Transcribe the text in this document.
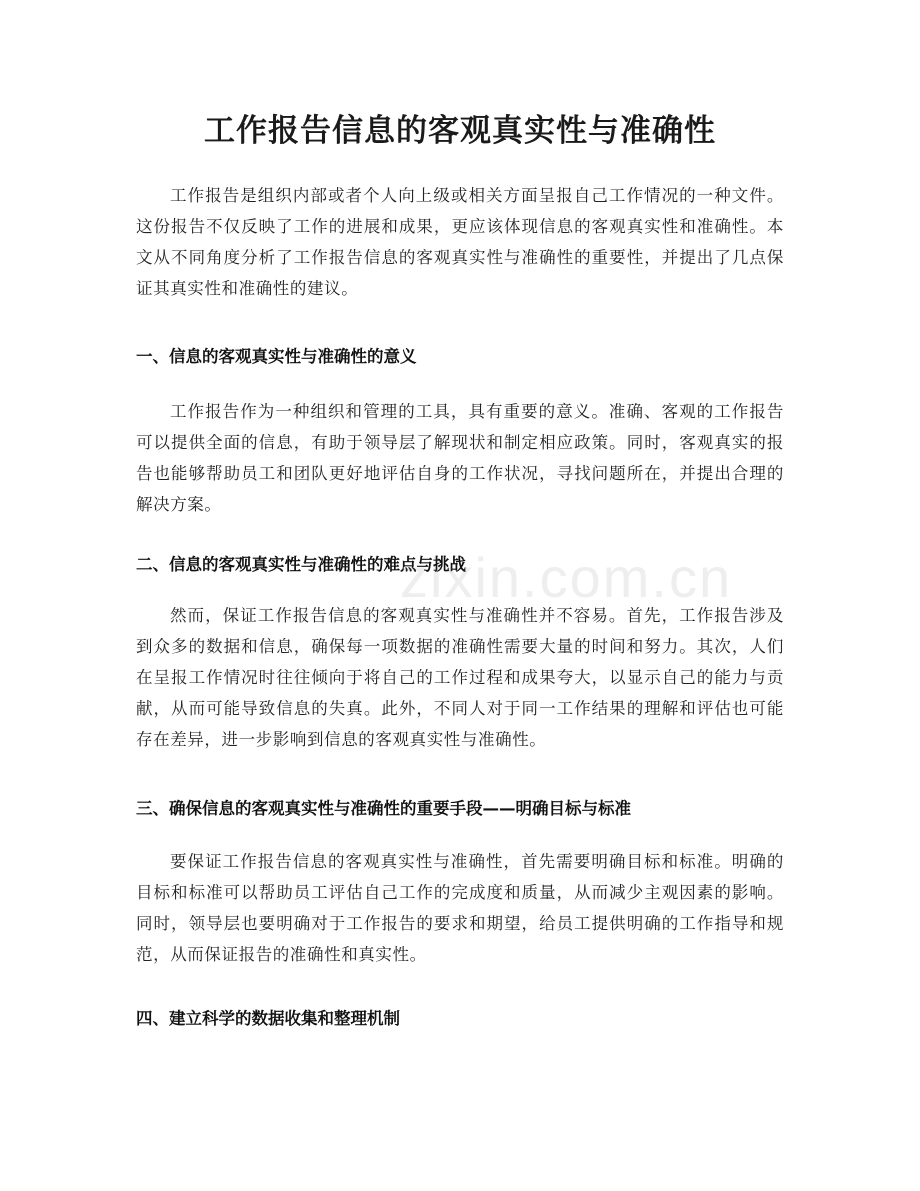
工作报告信息的客观真实性与准确性

工作报告是组织内部或者个人向上级或相关方面呈报自己工作情况的一种文件。这份报告不仅反映了工作的进展和成果，更应该体现信息的客观真实性和准确性。本文从不同角度分析了工作报告信息的客观真实性与准确性的重要性，并提出了几点保证其真实性和准确性的建议。

一、信息的客观真实性与准确性的意义

工作报告作为一种组织和管理的工具，具有重要的意义。准确、客观的工作报告可以提供全面的信息，有助于领导层了解现状和制定相应政策。同时，客观真实的报告也能够帮助员工和团队更好地评估自身的工作状况，寻找问题所在，并提出合理的解决方案。

二、信息的客观真实性与准确性的难点与挑战

然而，保证工作报告信息的客观真实性与准确性并不容易。首先，工作报告涉及到众多的数据和信息，确保每一项数据的准确性需要大量的时间和努力。其次，人们在呈报工作情况时往往倾向于将自己的工作过程和成果夸大，以显示自己的能力与贡献，从而可能导致信息的失真。此外，不同人对于同一工作结果的理解和评估也可能存在差异，进一步影响到信息的客观真实性与准确性。

三、确保信息的客观真实性与准确性的重要手段——明确目标与标准

要保证工作报告信息的客观真实性与准确性，首先需要明确目标和标准。明确的目标和标准可以帮助员工评估自己工作的完成度和质量，从而减少主观因素的影响。同时，领导层也要明确对于工作报告的要求和期望，给员工提供明确的工作指导和规范，从而保证报告的准确性和真实性。

四、建立科学的数据收集和整理机制
zixin.com.cn
